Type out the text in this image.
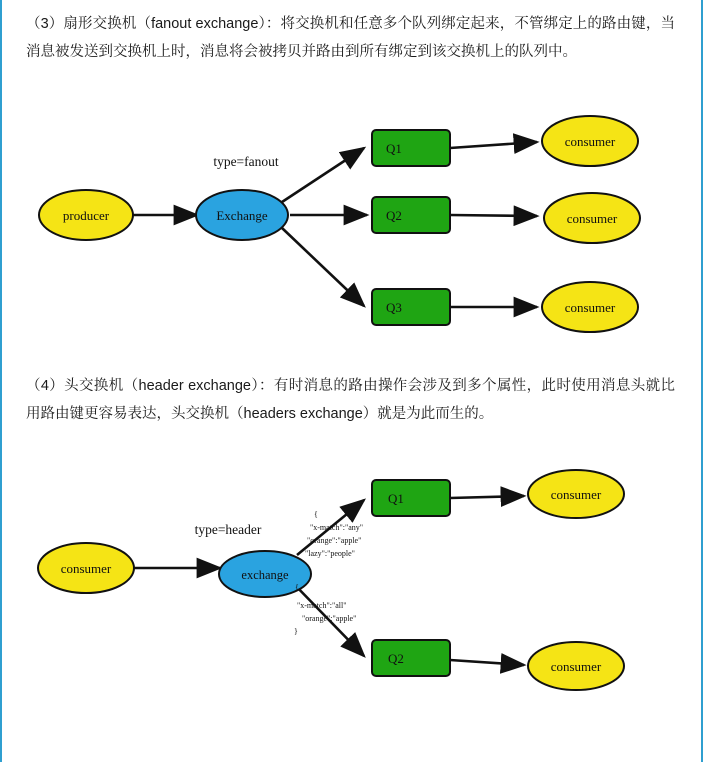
（3）扇形交换机（fanout exchange）：将交换机和任意多个队列绑定起来，不管绑定上的路由键，当消息被发送到交换机上时，消息将会被拷贝并路由到所有绑定到该交换机上的队列中。
producer	Exchange
type=fanout
Q1
Q2
Q3
consumer
consumer
consumer
（4）头交换机（header exchange）：有时消息的路由操作会涉及到多个属性，此时使用消息头就比用路由键更容易表达，头交换机（headers exchange）就是为此而生的。
consumer	exchange
type=header
{
"x-match":"any"
"orange":"apple"
"lazy":"people"
{
"x-match":"all"
"orange":"apple"
}
Q1
Q2
consumer
consumer
